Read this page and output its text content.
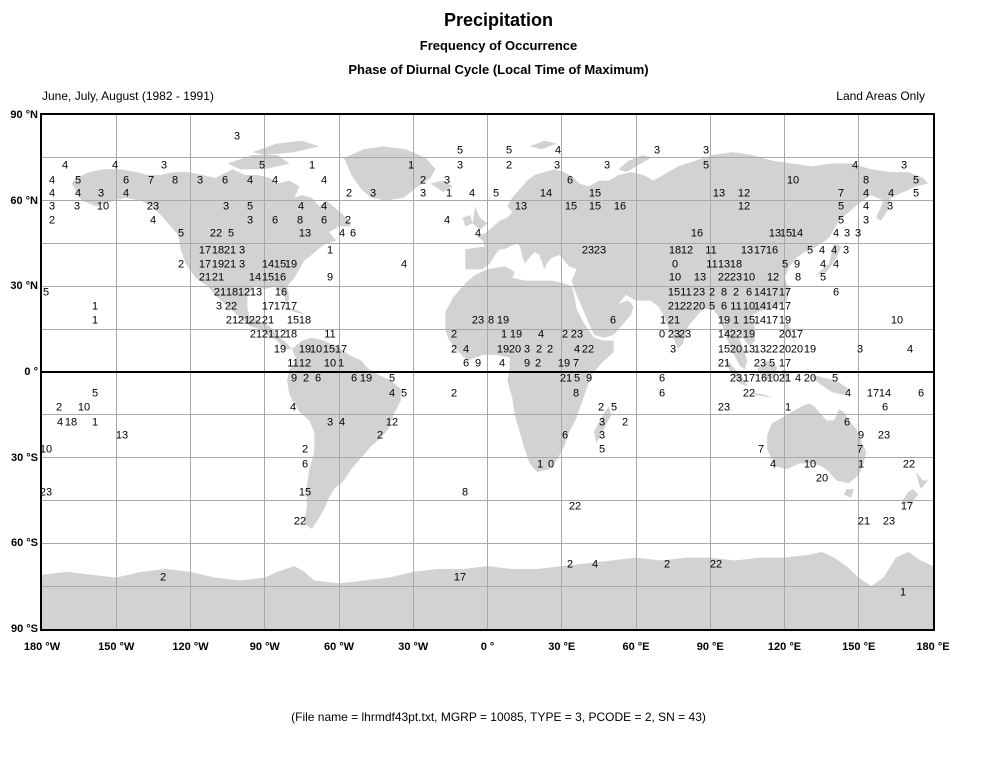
Precipitation
Frequency of Occurrence
Phase of Diurnal Cycle (Local Time of Maximum)
June, July, August (1982 - 1991)	Land Areas Only
180 °W	150 °W	120 °W	90 °W	60 °W	30 °W	0 °	30 °E	60 °E	90 °E	120 °E	150 °E	180 °E
90 °N
60 °N
30 °N
0 °
30 °S
60 °S
90 °S
3
5	5	4	3	3
4	4	3	5	1	1	3	2	3	3	5	4	3
4 5	6 7 8 3 6 4 4	4	2 3	6	10	8	5
4 4 3 4	2 3	3 1 4 5	14	15	13 12	7 4 4 5
3 3 10	23	3 5	4 4	13	15 15 16	12	5 4 3
2	4	3 6 8 6 2	4	5 3
5 22 5	13	4 6	4	16	13
15
14	4 3 3
17 18 21 3	1	23 23	18 12 11 13 17 16	5 4 4 3
2 17 19 21 3 14 15
19	4	0	11 13 18	5 9 4 4
21 21 14 15 16	9	10 13 22 23 10 12 8 5
5	21 18 12 13 16	15 11 23 2 8 2 6 14 17 17	6
1	3 22 17 17
17	21 22 20 5 6 11 10
14 14 17
1	21 21
22 21 15 18	23 8 19	6	1 21	19 1 15
14 17 19	10
21 21 12
18 11	2	1 19 4 2 23	0 23
23 14 22 19 20 17
19 19
10 15 17	2 4	19 20 3 2 2 4 22	3	15 20 13
13 22 20 20 19	3	4
11 12 10 1	6 9 4 9 2 19 7	21 23 5 17
9 2 6	6 19 5	21 5 9	6	23 17 16 10 21 4 20 5
5	4 5	2	8	6	22	4 17 14 6
2 10	4	2 5	23	1	6
4 18 1	3 4	12	3 2	6
13	2	6	3	9 23
10	2	5	7	7
6	1 0	4	10	1	22
20
23	15	8
22	17
22	21 23
2 4	2	22
2	17
1
(File name = lhrmdf43pt.txt, MGRP = 10085, TYPE = 3, PCODE = 2, SN = 43)
